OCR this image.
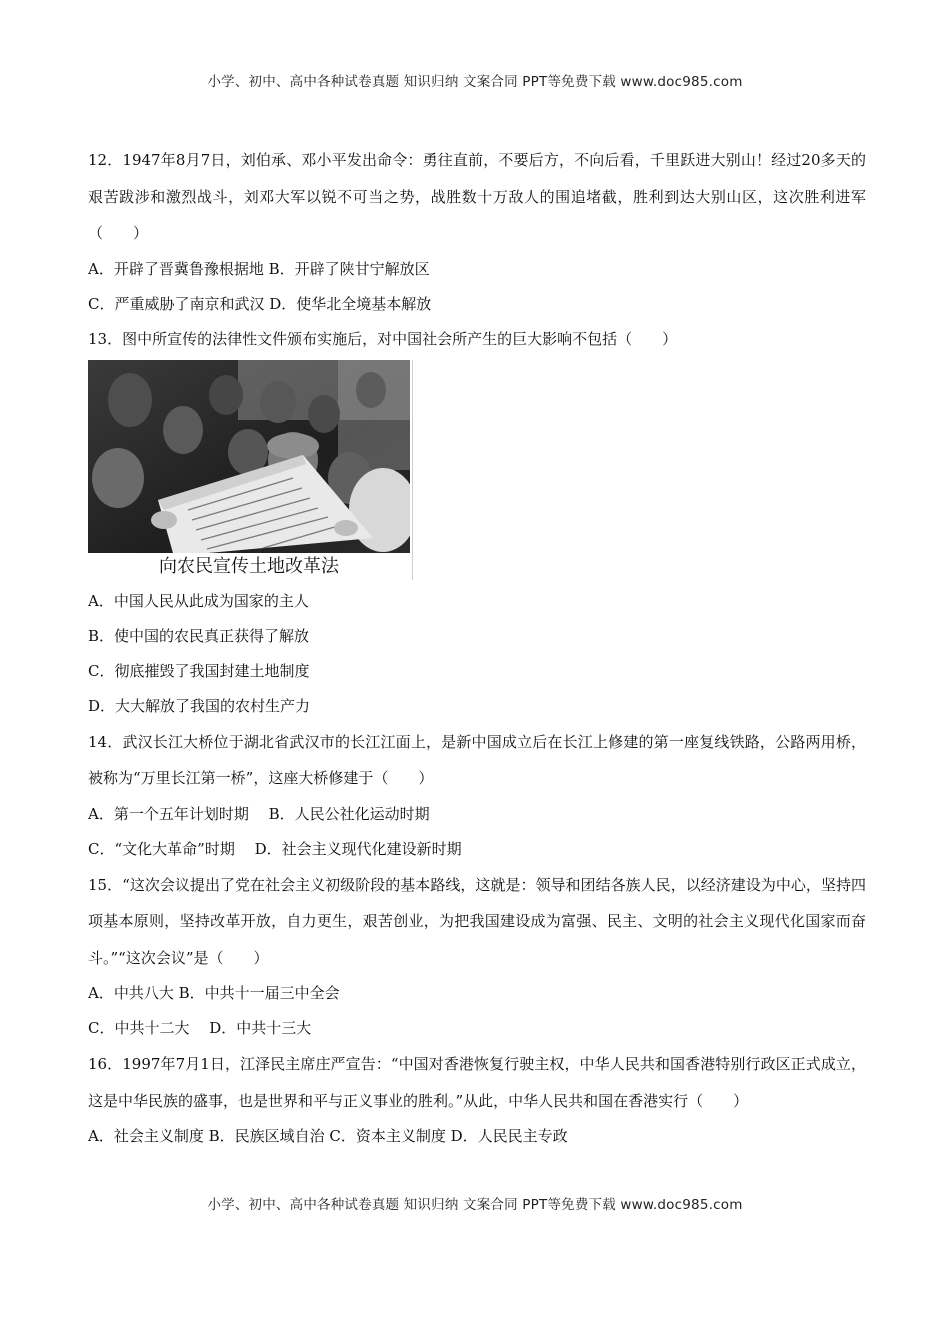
小学、初中、高中各种试卷真题 知识归纳 文案合同 PPT等免费下载 www.doc985.com
12．1947年8月7日，刘伯承、邓小平发出命令：勇往直前，不要后方，不向后看，千里跃进大别山！经过20多天的艰苦跋涉和激烈战斗，刘邓大军以锐不可当之势，战胜数十万敌人的围追堵截，胜利到达大别山区，这次胜利进军（　　）
A．开辟了晋冀鲁豫根据地 B．开辟了陕甘宁解放区
C．严重威胁了南京和武汉 D．使华北全境基本解放
13．图中所宣传的法律性文件颁布实施后，对中国社会所产生的巨大影响不包括（　　）
向农民宣传土地改革法
A．中国人民从此成为国家的主人
B．使中国的农民真正获得了解放
C．彻底摧毁了我国封建土地制度
D．大大解放了我国的农村生产力
14．武汉长江大桥位于湖北省武汉市的长江江面上，是新中国成立后在长江上修建的第一座复线铁路，公路两用桥，被称为“万里长江第一桥”，这座大桥修建于（　　）
A．第一个五年计划时期　 B．人民公社化运动时期
C．“文化大革命”时期　 D．社会主义现代化建设新时期
15．“这次会议提出了党在社会主义初级阶段的基本路线，这就是：领导和团结各族人民，以经济建设为中心，坚持四项基本原则，坚持改革开放，自力更生，艰苦创业，为把我国建设成为富强、民主、文明的社会主义现代化国家而奋斗。”“这次会议”是（　　）
A．中共八大 B．中共十一届三中全会
C．中共十二大　 D．中共十三大
16．1997年7月1日，江泽民主席庄严宣告：“中国对香港恢复行驶主权，中华人民共和国香港特别行政区正式成立，这是中华民族的盛事，也是世界和平与正义事业的胜利。”从此，中华人民共和国在香港实行（　　）
A．社会主义制度 B．民族区域自治 C．资本主义制度 D．人民民主专政
小学、初中、高中各种试卷真题 知识归纳 文案合同 PPT等免费下载 www.doc985.com
